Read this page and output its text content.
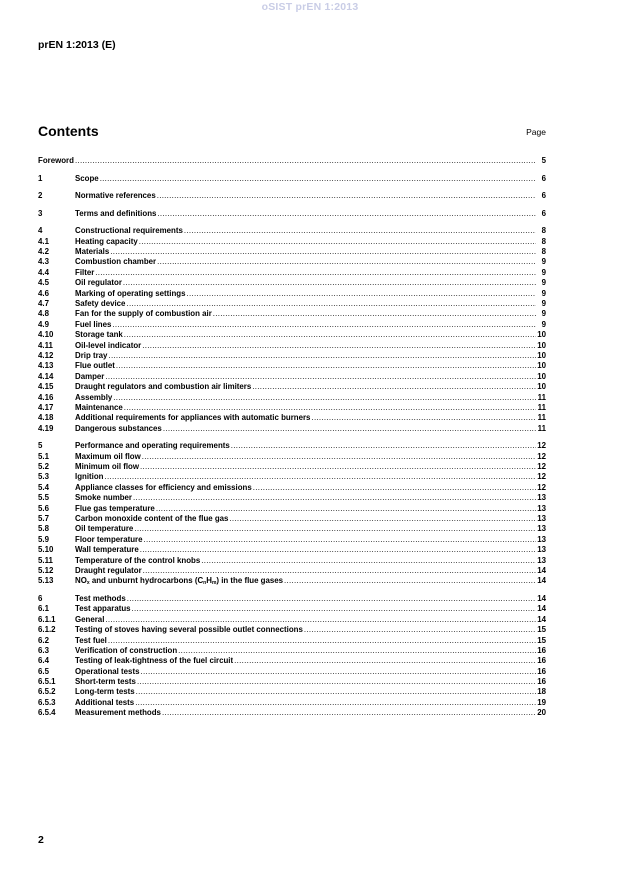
oSIST prEN 1:2013
prEN 1:2013 (E)
Contents	Page
Foreword .....	5
1	Scope .....	6
2	Normative references .....	6
3	Terms and definitions .....	6
4	Constructional requirements .....	8
4.1	Heating capacity .....	8
4.2	Materials .....	8
4.3	Combustion chamber .....	9
4.4	Filter .....	9
4.5	Oil regulator .....	9
4.6	Marking of operating settings .....	9
4.7	Safety device .....	9
4.8	Fan for the supply of combustion air .....	9
4.9	Fuel lines .....	9
4.10	Storage tank .....	10
4.11	Oil-level indicator .....	10
4.12	Drip tray .....	10
4.13	Flue outlet .....	10
4.14	Damper .....	10
4.15	Draught regulators and combustion air limiters .....	10
4.16	Assembly .....	11
4.17	Maintenance .....	11
4.18	Additional requirements for appliances with automatic burners .....	11
4.19	Dangerous substances .....	11
5	Performance and operating requirements .....	12
5.1	Maximum oil flow .....	12
5.2	Minimum oil flow .....	12
5.3	Ignition .....	12
5.4	Appliance classes for efficiency and emissions .....	12
5.5	Smoke number .....	13
5.6	Flue gas temperature .....	13
5.7	Carbon monoxide content of the flue gas .....	13
5.8	Oil temperature .....	13
5.9	Floor temperature .....	13
5.10	Wall temperature .....	13
5.11	Temperature of the control knobs .....	13
5.12	Draught regulator .....	14
5.13	$NO_x$ and unburnt hydrocarbons $(C_nH_m)$ in the flue gases .....	14
6	Test methods .....	14
6.1	Test apparatus .....	14
6.1.1	General .....	14
6.1.2	Testing of stoves having several possible outlet connections .....	15
6.2	Test fuel .....	15
6.3	Verification of construction .....	16
6.4	Testing of leak-tightness of the fuel circuit .....	16
6.5	Operational tests .....	16
6.5.1	Short-term tests .....	16
6.5.2	Long-term tests .....	18
6.5.3	Additional tests .....	19
6.5.4	Measurement methods .....	20
2
